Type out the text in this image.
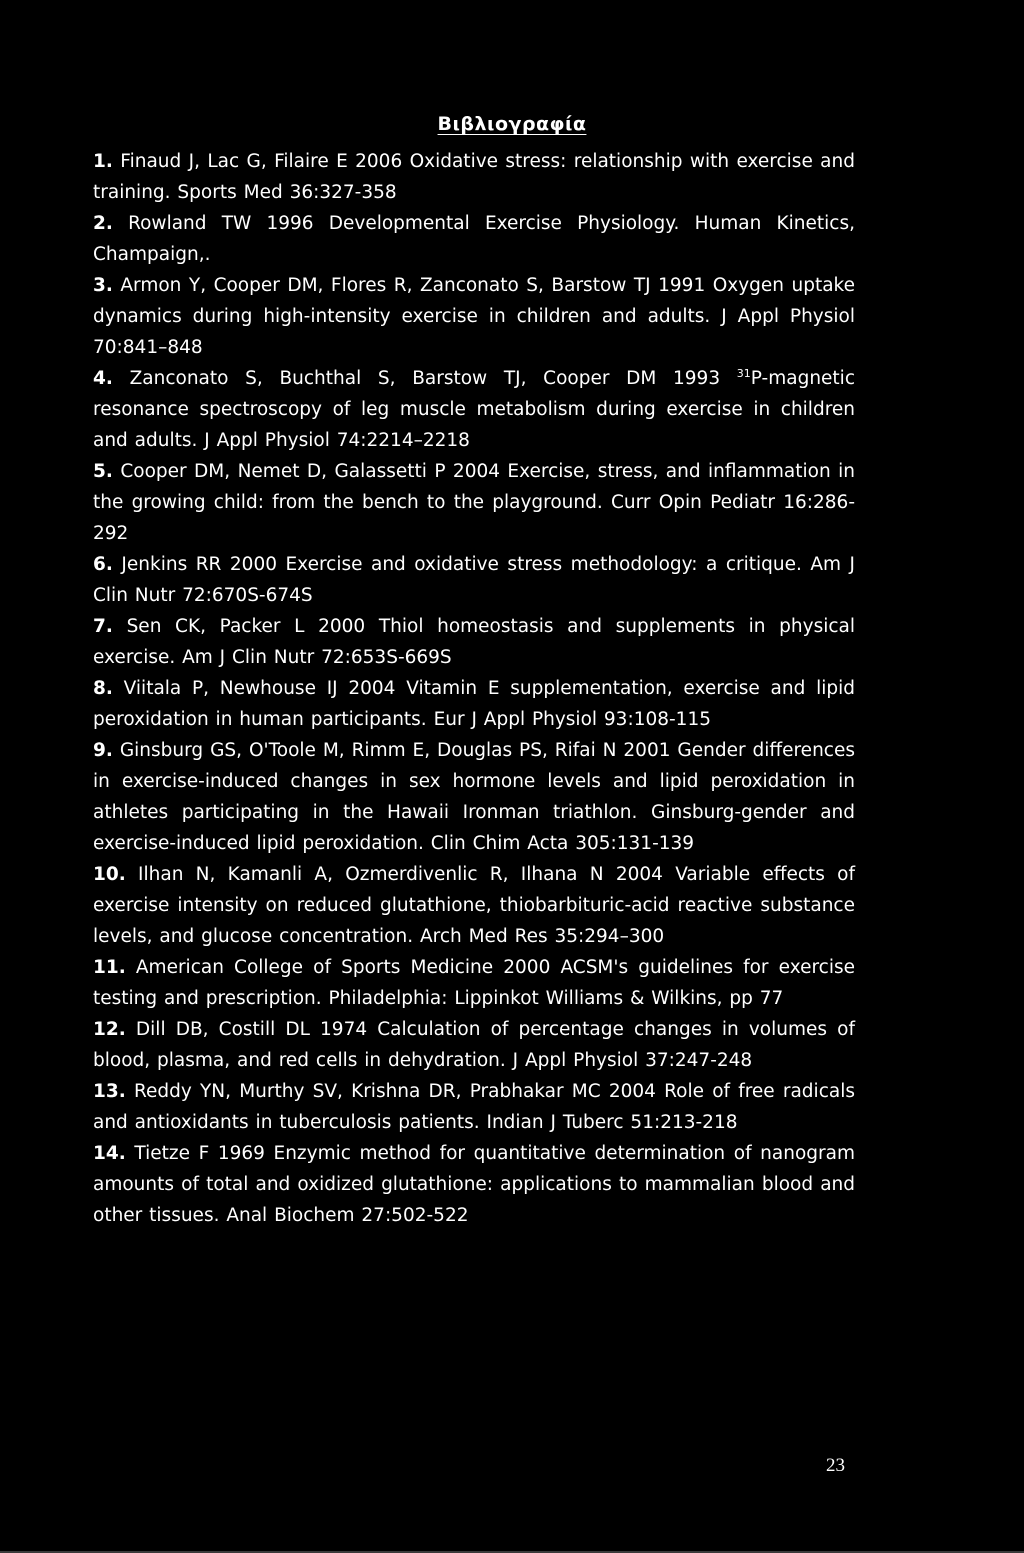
Βιβλιογραφία
1. Finaud J, Lac G, Filaire E 2006 Oxidative stress: relationship with exercise and training. Sports Med 36:327-358
2. Rowland TW 1996 Developmental Exercise Physiology. Human Kinetics, Champaign,.
3. Armon Y, Cooper DM, Flores R, Zanconato S, Barstow TJ 1991 Oxygen uptake dynamics during high-intensity exercise in children and adults. J Appl Physiol 70:841–848
4. Zanconato S, Buchthal S, Barstow TJ, Cooper DM 1993 $^{31}$P-magnetic resonance spectroscopy of leg muscle metabolism during exercise in children and adults. J Appl Physiol 74:2214–2218
5. Cooper DM, Nemet D, Galassetti P 2004 Exercise, stress, and inflammation in the growing child: from the bench to the playground. Curr Opin Pediatr 16:286-292
6. Jenkins RR 2000 Exercise and oxidative stress methodology: a critique. Am J Clin Nutr 72:670S-674S
7. Sen CK, Packer L 2000 Thiol homeostasis and supplements in physical exercise. Am J Clin Nutr 72:653S-669S
8. Viitala P, Newhouse IJ 2004 Vitamin E supplementation, exercise and lipid peroxidation in human participants. Eur J Appl Physiol 93:108-115
9. Ginsburg GS, O'Toole M, Rimm E, Douglas PS, Rifai N 2001 Gender differences in exercise-induced changes in sex hormone levels and lipid peroxidation in athletes participating in the Hawaii Ironman triathlon. Ginsburg-gender and exercise-induced lipid peroxidation. Clin Chim Acta 305:131-139
10. Ilhan N, Kamanli A, Ozmerdivenlic R, Ilhana N 2004 Variable effects of exercise intensity on reduced glutathione, thiobarbituric-acid reactive substance levels, and glucose concentration. Arch Med Res 35:294–300
11. American College of Sports Medicine 2000 ACSM's guidelines for exercise testing and prescription. Philadelphia: Lippinkot Williams & Wilkins, pp 77
12. Dill DB, Costill DL 1974 Calculation of percentage changes in volumes of blood, plasma, and red cells in dehydration. J Appl Physiol 37:247-248
13. Reddy YN, Murthy SV, Krishna DR, Prabhakar MC 2004 Role of free radicals and antioxidants in tuberculosis patients. Indian J Tuberc 51:213-218
14. Tietze F 1969 Enzymic method for quantitative determination of nanogram amounts of total and oxidized glutathione: applications to mammalian blood and other tissues. Anal Biochem 27:502-522
23
